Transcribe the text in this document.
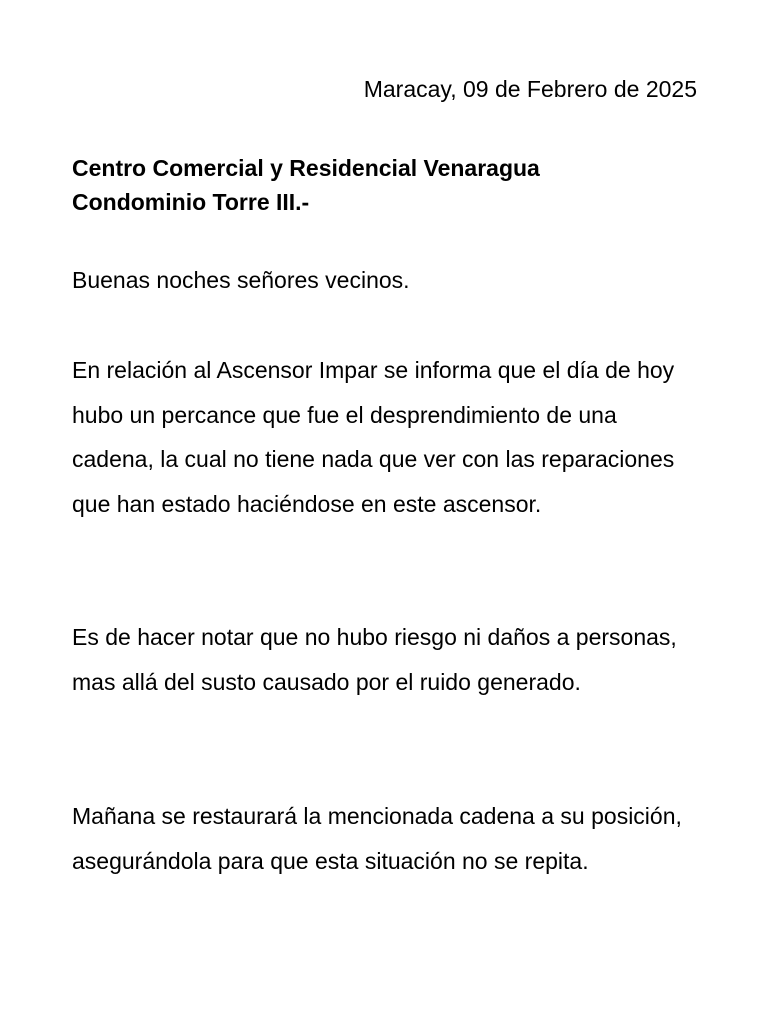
Maracay, 09 de Febrero de 2025

Centro Comercial y Residencial Venaragua
Condominio Torre III.-

Buenas noches señores vecinos.

En relación al Ascensor Impar se informa que el día de hoy hubo un percance que fue el desprendimiento de una cadena, la cual no tiene nada que ver con las reparaciones que han estado haciéndose en este ascensor.

Es de hacer notar que no hubo riesgo ni daños a personas, mas allá del susto causado por el ruido generado.

Mañana se restaurará la mencionada cadena a su posición, asegurándola para que esta situación no se repita.
